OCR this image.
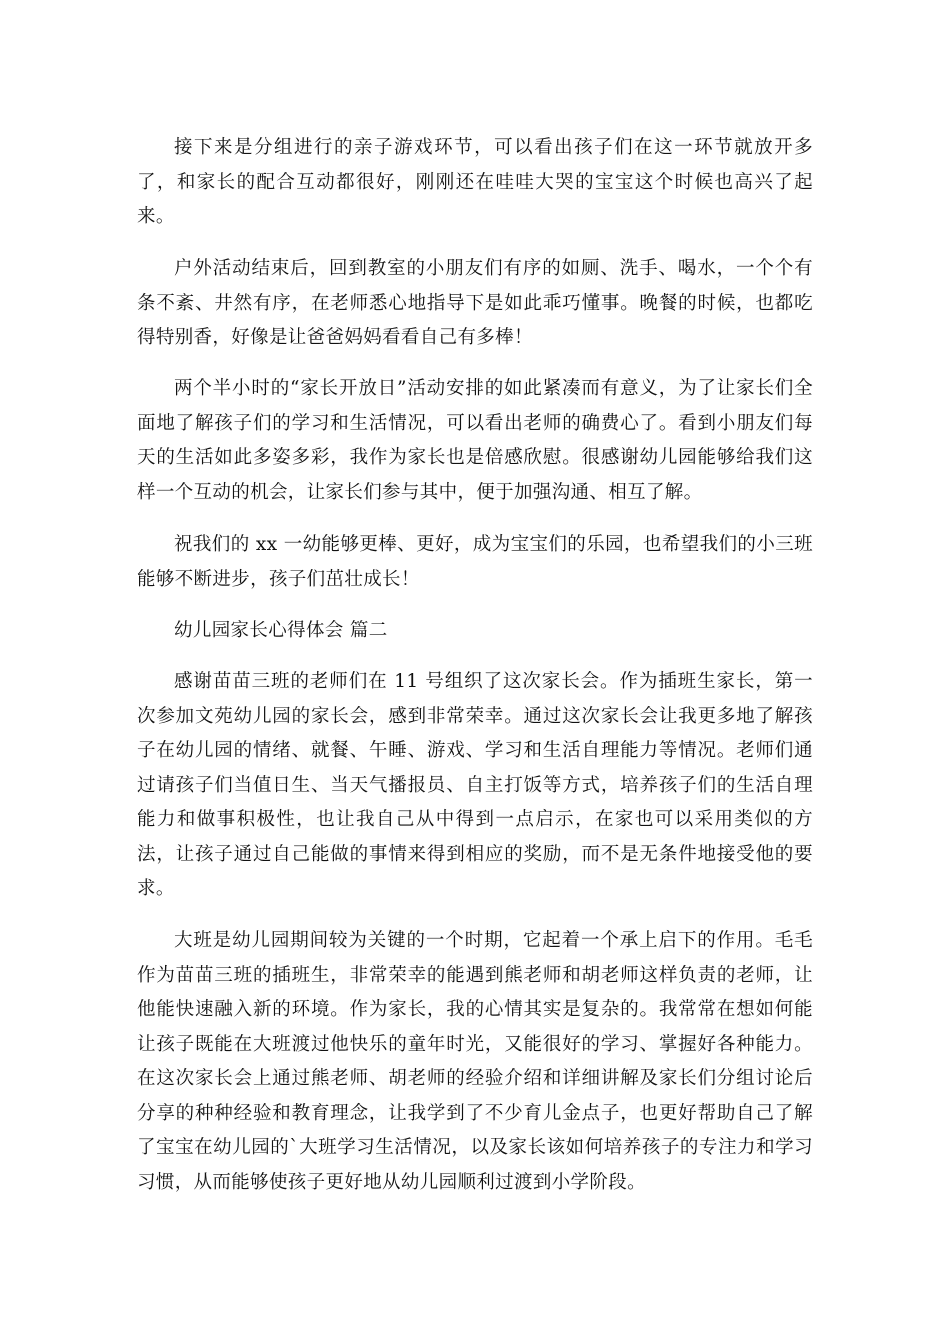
接下来是分组进行的亲子游戏环节，可以看出孩子们在这一环节就放开多了，和家长的配合互动都很好，刚刚还在哇哇大哭的宝宝这个时候也高兴了起来。

户外活动结束后，回到教室的小朋友们有序的如厕、洗手、喝水，一个个有条不紊、井然有序，在老师悉心地指导下是如此乖巧懂事。晚餐的时候，也都吃得特别香，好像是让爸爸妈妈看看自己有多棒！

两个半小时的“家长开放日”活动安排的如此紧凑而有意义，为了让家长们全面地了解孩子们的学习和生活情况，可以看出老师的确费心了。看到小朋友们每天的生活如此多姿多彩，我作为家长也是倍感欣慰。很感谢幼儿园能够给我们这样一个互动的机会，让家长们参与其中，便于加强沟通、相互了解。

祝我们的 xx 一幼能够更棒、更好，成为宝宝们的乐园，也希望我们的小三班能够不断进步，孩子们茁壮成长！

幼儿园家长心得体会 篇二

感谢苗苗三班的老师们在 11 号组织了这次家长会。作为插班生家长，第一次参加文苑幼儿园的家长会，感到非常荣幸。通过这次家长会让我更多地了解孩子在幼儿园的情绪、就餐、午睡、游戏、学习和生活自理能力等情况。老师们通过请孩子们当值日生、当天气播报员、自主打饭等方式，培养孩子们的生活自理能力和做事积极性，也让我自己从中得到一点启示，在家也可以采用类似的方法，让孩子通过自己能做的事情来得到相应的奖励，而不是无条件地接受他的要求。

大班是幼儿园期间较为关键的一个时期，它起着一个承上启下的作用。毛毛作为苗苗三班的插班生，非常荣幸的能遇到熊老师和胡老师这样负责的老师，让他能快速融入新的环境。作为家长，我的心情其实是复杂的。我常常在想如何能让孩子既能在大班渡过他快乐的童年时光，又能很好的学习、掌握好各种能力。在这次家长会上通过熊老师、胡老师的经验介绍和详细讲解及家长们分组讨论后分享的种种经验和教育理念，让我学到了不少育儿金点子，也更好帮助自己了解了宝宝在幼儿园的`大班学习生活情况，以及家长该如何培养孩子的专注力和学习习惯，从而能够使孩子更好地从幼儿园顺利过渡到小学阶段。
